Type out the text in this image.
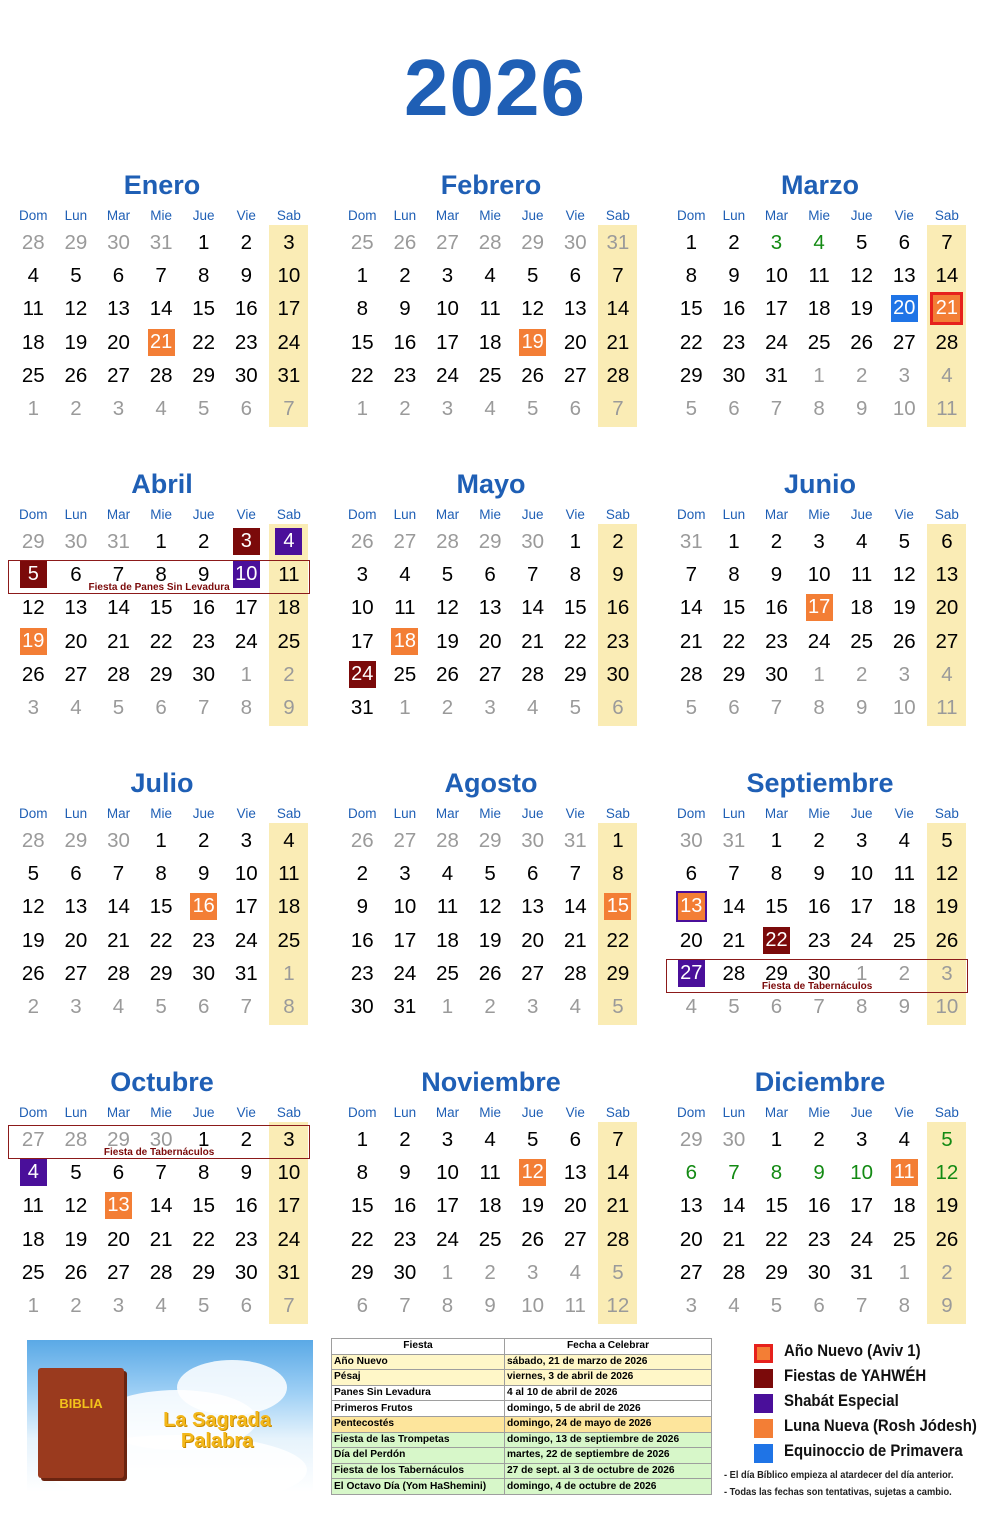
2026
Enero
Dom	Lun	Mar	Mie	Jue	Vie	Sab
28 29 30 31	1	2	3
4	5	6	7	8	9	10
11	12 13 14 15 16 17
18 19 20	21 22 23 24
25 26 27 28 29 30 31
1	2	3	4	5	6	7
Febrero
Dom	Lun	Mar	Mie	Jue	Vie	Sab
25 26 27 28 29 30 31
1	2	3	4	5	6	7
8	9	10	11	12 13 14
15 16 17 18	19 20 21
22 23 24 25 26 27 28
1	2	3	4	5	6	7
Marzo
Dom	Lun	Mar	Mie	Jue	Vie	Sab
1	2	3	4	5	6	7
8	9	10	11	12 13 14
15 16 17 18 19	20	21
22 23 24 25 26 27 28
29 30 31	1	2	3	4
5	6	7	8	9	10	11
Abril
Dom	Lun	Mar	Mie	Jue	Vie	Sab
29 30 31	1	2	3	4
5	6	7	8	9	10	11
12 13 14 15 16 17 18
19 20 21 22 23 24 25
26 27 28 29 30	1	2
3	4	5	6	7	8	9
Fiesta de Panes Sin Levadura
Mayo
Dom	Lun	Mar	Mie	Jue	Vie	Sab
26 27 28 29 30	1	2
3	4	5	6	7	8	9
10	11	12 13 14 15 16
17	18 19 20 21 22 23
24 25 26 27 28 29 30
31	1	2	3	4	5	6
Junio
Dom	Lun	Mar	Mie	Jue	Vie	Sab
31	1	2	3	4	5	6
7	8	9	10	11	12 13
14 15 16	17 18 19 20
21 22 23 24 25 26 27
28 29 30	1	2	3	4
5	6	7	8	9	10	11
Julio
Dom	Lun	Mar	Mie	Jue	Vie	Sab
28 29 30	1	2	3	4
5	6	7	8	9	10	11
12 13 14 15	16 17 18
19 20 21 22 23 24 25
26 27 28 29 30 31	1
2	3	4	5	6	7	8
Agosto
Dom	Lun	Mar	Mie	Jue	Vie	Sab
26 27 28 29 30 31	1
2	3	4	5	6	7	8
9	10	11	12 13 14	15
16 17 18 19 20 21 22
23 24 25 26 27 28 29
30 31	1	2	3	4	5
Septiembre
Dom	Lun	Mar	Mie	Jue	Vie	Sab
30 31	1	2	3	4	5
6	7	8	9	10	11	12
13 14 15 16 17 18 19
20 21	22 23 24 25 26
27 28 29 30	1	2	3
4	5	6	7	8	9	10
Fiesta de Tabernáculos
Octubre
Dom	Lun	Mar	Mie	Jue	Vie	Sab
27 28 29 30	1	2	3
4	5	6	7	8	9	10
11	12	13 14 15 16 17
18 19 20 21 22 23 24
25 26 27 28 29 30 31
1	2	3	4	5	6	7
Fiesta de Tabernáculos
Noviembre
Dom	Lun	Mar	Mie	Jue	Vie	Sab
1	2	3	4	5	6	7
8	9	10	11	12 13 14
15 16 17 18 19 20 21
22 23 24 25 26 27 28
29 30	1	2	3	4	5
6	7	8	9	10	11	12
Diciembre
Dom	Lun	Mar	Mie	Jue	Vie	Sab
29 30	1	2	3	4	5
6	7	8	9	10	11	12
13 14 15 16 17 18 19
20 21 22 23 24 25 26
27 28 29 30 31	1	2
3	4	5	6	7	8	9
BIBLIA
La Sagrada
Palabra
Fiesta	Fecha a Celebrar
Año Nuevo	sábado, 21 de marzo de 2026
Pésaj	viernes, 3 de abril de 2026
Panes Sin Levadura	4 al 10 de abril de 2026
Primeros Frutos	domingo, 5 de abril de 2026
Pentecostés	domingo, 24 de mayo de 2026
Fiesta de las Trompetas	domingo, 13 de septiembre de 2026
Día del Perdón	martes, 22 de septiembre de 2026
Fiesta de los Tabernáculos	27 de sept. al 3 de octubre de 2026
El Octavo Día (Yom HaShemini)	domingo, 4 de octubre de 2026
Año Nuevo (Aviv 1)
Fiestas de YAHWÉH
Shabát Especial
Luna Nueva (Rosh Jódesh)
Equinoccio de Primavera
- El día Bíblico empieza al atardecer del día anterior.
- Todas las fechas son tentativas, sujetas a cambio.
